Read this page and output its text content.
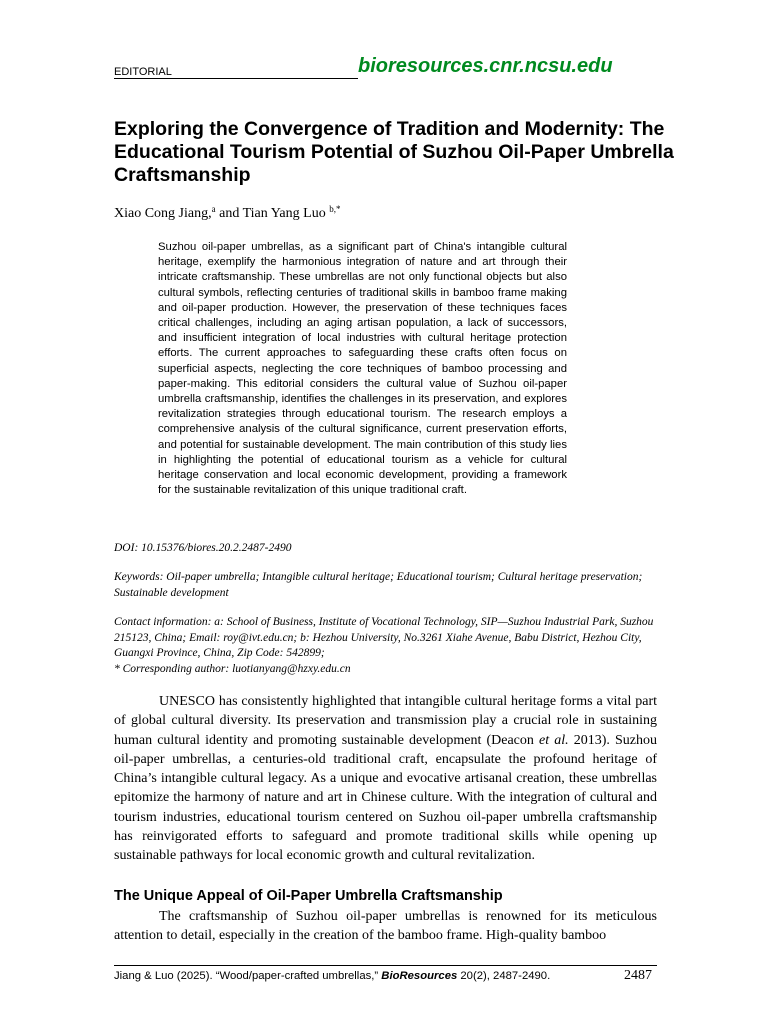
EDITORIAL	bioresources.cnr.ncsu.edu
Exploring the Convergence of Tradition and Modernity: The Educational Tourism Potential of Suzhou Oil-Paper Umbrella Craftsmanship
Xiao Cong Jiang,$^a$ and Tian Yang Luo $^{b,*}$
Suzhou oil-paper umbrellas, as a significant part of China's intangible cultural heritage, exemplify the harmonious integration of nature and art through their intricate craftsmanship. These umbrellas are not only functional objects but also cultural symbols, reflecting centuries of traditional skills in bamboo frame making and oil-paper production. However, the preservation of these techniques faces critical challenges, including an aging artisan population, a lack of successors, and insufficient integration of local industries with cultural heritage protection efforts. The current approaches to safeguarding these crafts often focus on superficial aspects, neglecting the core techniques of bamboo processing and paper-making. This editorial considers the cultural value of Suzhou oil-paper umbrella craftsmanship, identifies the challenges in its preservation, and explores revitalization strategies through educational tourism. The research employs a comprehensive analysis of the cultural significance, current preservation efforts, and potential for sustainable development. The main contribution of this study lies in highlighting the potential of educational tourism as a vehicle for cultural heritage conservation and local economic development, providing a framework for the sustainable revitalization of this unique traditional craft.
DOI: 10.15376/biores.20.2.2487-2490
Keywords: Oil-paper umbrella; Intangible cultural heritage; Educational tourism; Cultural heritage preservation; Sustainable development
Contact information: a: School of Business, Institute of Vocational Technology, SIP—Suzhou Industrial Park, Suzhou 215123, China; Email: roy@ivt.edu.cn; b: Hezhou University, No.3261 Xiahe Avenue, Babu District, Hezhou City, Guangxi Province, China, Zip Code: 542899;
* Corresponding author: luotianyang@hzxy.edu.cn

UNESCO has consistently highlighted that intangible cultural heritage forms a vital part of global cultural diversity. Its preservation and transmission play a crucial role in sustaining human cultural identity and promoting sustainable development (Deacon et al. 2013). Suzhou oil-paper umbrellas, a centuries-old traditional craft, encapsulate the profound heritage of China’s intangible cultural legacy. As a unique and evocative artisanal creation, these umbrellas epitomize the harmony of nature and art in Chinese culture. With the integration of cultural and tourism industries, educational tourism centered on Suzhou oil-paper umbrella craftsmanship has reinvigorated efforts to safeguard and promote traditional skills while opening up sustainable pathways for local economic growth and cultural revitalization.

The Unique Appeal of Oil-Paper Umbrella Craftsmanship

The craftsmanship of Suzhou oil-paper umbrellas is renowned for its meticulous attention to detail, especially in the creation of the bamboo frame. High-quality bamboo

Jiang & Luo (2025). “Wood/paper-crafted umbrellas,” BioResources 20(2), 2487-2490.	2487
